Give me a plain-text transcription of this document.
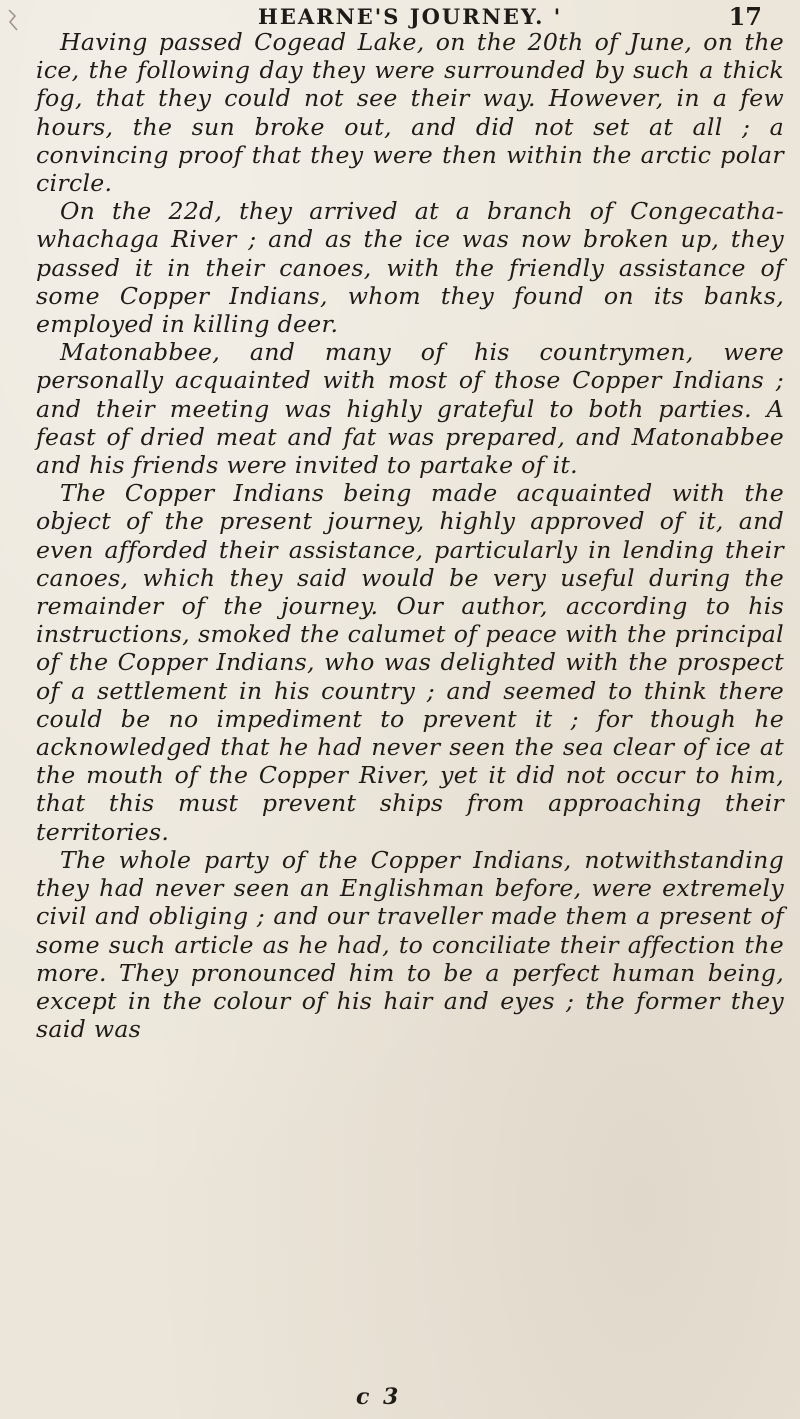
HEARNE'S JOURNEY. '	17

Having passed Cogead Lake, on the 20th of June, on the ice, the following day they were surrounded by such a thick fog, that they could not see their way. However, in a few hours, the sun broke out, and did not set at all ; a convincing proof that they were then within the arctic polar circle.

On the 22d, they arrived at a branch of Congecatha-whachaga River ; and as the ice was now broken up, they passed it in their canoes, with the friendly assistance of some Copper Indians, whom they found on its banks, employed in killing deer.

Matonabbee, and many of his countrymen, were personally acquainted with most of those Copper Indians ; and their meeting was highly grateful to both parties. A feast of dried meat and fat was prepared, and Matonabbee and his friends were invited to partake of it.

The Copper Indians being made acquainted with the object of the present journey, highly approved of it, and even afforded their assistance, particularly in lending their canoes, which they said would be very useful during the remainder of the journey. Our author, according to his instructions, smoked the calumet of peace with the principal of the Copper Indians, who was delighted with the prospect of a settlement in his country ; and seemed to think there could be no impediment to prevent it ; for though he acknowledged that he had never seen the sea clear of ice at the mouth of the Copper River, yet it did not occur to him, that this must prevent ships from approaching their territories.

The whole party of the Copper Indians, notwithstanding they had never seen an Englishman before, were extremely civil and obliging ; and our traveller made them a present of some such article as he had, to conciliate their affection the more. They pronounced him to be a perfect human being, except in the colour of his hair and eyes ; the former they said was

c 3
